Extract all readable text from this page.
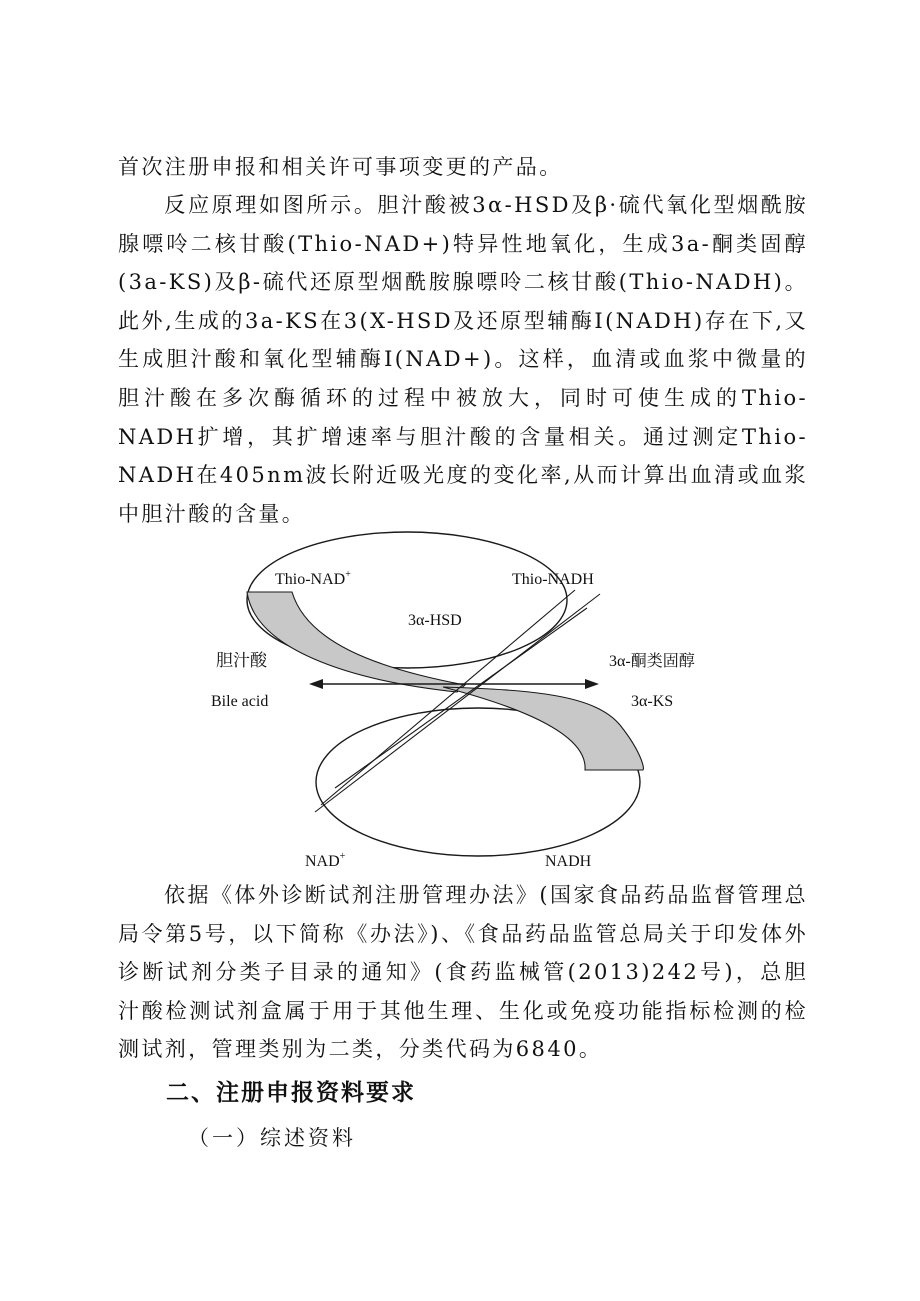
首次注册申报和相关许可事项变更的产品。

反应原理如图所示。胆汁酸被3α-HSD及β·硫代氧化型烟酰胺腺嘌呤二核甘酸(Thio-NAD+)特异性地氧化，生成3a-酮类固醇(3a-KS)及β-硫代还原型烟酰胺腺嘌呤二核甘酸(Thio-NADH)。此外,生成的3a-KS在3(X-HSD及还原型辅酶I(NADH)存在下,又生成胆汁酸和氧化型辅酶I(NAD+)。这样，血清或血浆中微量的胆汁酸在多次酶循环的过程中被放大，同时可使生成的Thio-NADH扩增，其扩增速率与胆汁酸的含量相关。通过测定Thio-NADH在405nm波长附近吸光度的变化率,从而计算出血清或血浆中胆汁酸的含量。

Thio-NAD+	Thio-NADH
3α-HSD
胆汁酸
Bile acid
3α-酮类固醇
3α-KS
NAD+	NADH

依据《体外诊断试剂注册管理办法》(国家食品药品监督管理总局令第5号，以下简称《办法》)、《食品药品监管总局关于印发体外诊断试剂分类子目录的通知》(食药监械管(2013)242号)，总胆汁酸检测试剂盒属于用于其他生理、生化或免疫功能指标检测的检测试剂，管理类别为二类，分类代码为6840。

二、注册申报资料要求

（一）综述资料
